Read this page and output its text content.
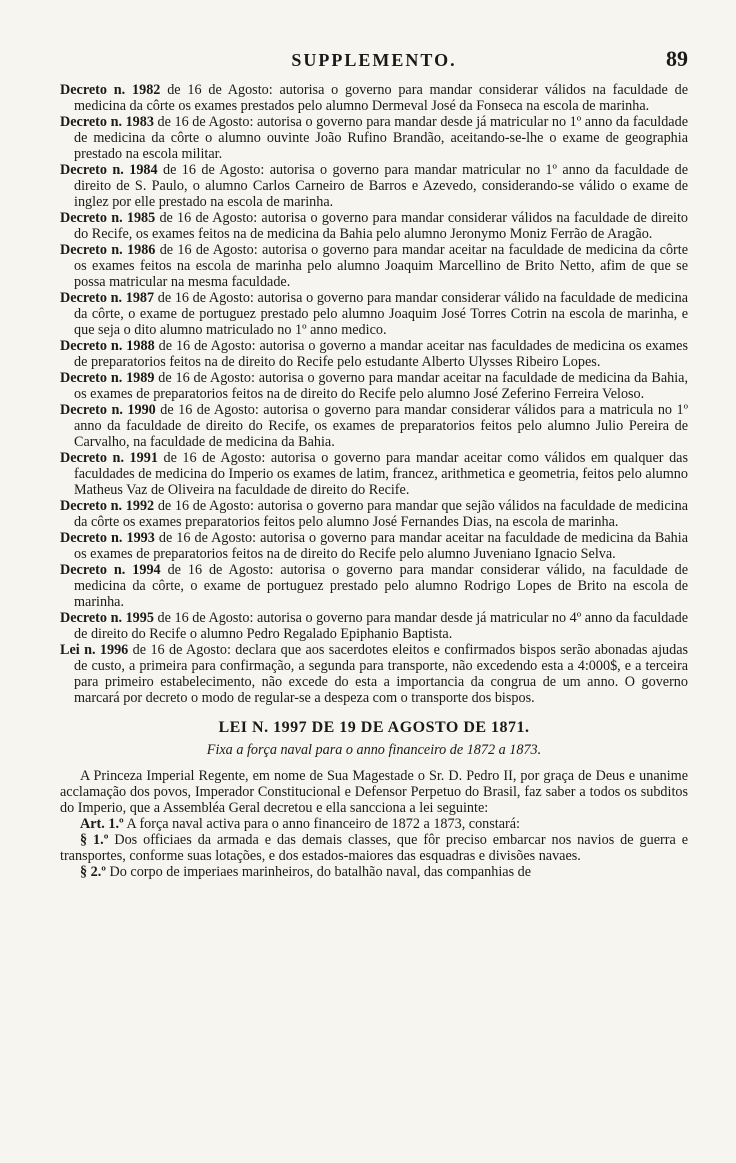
SUPPLEMENTO.	89

Decreto n. 1982 de 16 de Agosto: autorisa o governo para mandar considerar válidos na faculdade de medicina da côrte os exames prestados pelo alumno Dermeval José da Fonseca na escola de marinha.

Decreto n. 1983 de 16 de Agosto: autorisa o governo para mandar desde já matricular no 1º anno da faculdade de medicina da côrte o alumno ouvinte João Rufino Brandão, aceitando-se-lhe o exame de geographia prestado na escola militar.

Decreto n. 1984 de 16 de Agosto: autorisa o governo para mandar matricular no 1º anno da faculdade de direito de S. Paulo, o alumno Carlos Carneiro de Barros e Azevedo, considerando-se válido o exame de inglez por elle prestado na escola de marinha.

Decreto n. 1985 de 16 de Agosto: autorisa o governo para mandar considerar válidos na faculdade de direito do Recife, os exames feitos na de medicina da Bahia pelo alumno Jeronymo Moniz Ferrão de Aragão.

Decreto n. 1986 de 16 de Agosto: autorisa o governo para mandar aceitar na faculdade de medicina da côrte os exames feitos na escola de marinha pelo alumno Joaquim Marcellino de Brito Netto, afim de que se possa matricular na mesma faculdade.

Decreto n. 1987 de 16 de Agosto: autorisa o governo para mandar considerar válido na faculdade de medicina da côrte, o exame de portuguez prestado pelo alumno Joaquim José Torres Cotrin na escola de marinha, e que seja o dito alumno matriculado no 1º anno medico.

Decreto n. 1988 de 16 de Agosto: autorisa o governo a mandar aceitar nas faculdades de medicina os exames de preparatorios feitos na de direito do Recife pelo estudante Alberto Ulysses Ribeiro Lopes.

Decreto n. 1989 de 16 de Agosto: autorisa o governo para mandar aceitar na faculdade de medicina da Bahia, os exames de preparatorios feitos na de direito do Recife pelo alumno José Zeferino Ferreira Veloso.

Decreto n. 1990 de 16 de Agosto: autorisa o governo para mandar considerar válidos para a matricula no 1º anno da faculdade de direito do Recife, os exames de preparatorios feitos pelo alumno Julio Pereira de Carvalho, na faculdade de medicina da Bahia.

Decreto n. 1991 de 16 de Agosto: autorisa o governo para mandar aceitar como válidos em qualquer das faculdades de medicina do Imperio os exames de latim, francez, arithmetica e geometria, feitos pelo alumno Matheus Vaz de Oliveira na faculdade de direito do Recife.

Decreto n. 1992 de 16 de Agosto: autorisa o governo para mandar que sejão válidos na faculdade de medicina da côrte os exames preparatorios feitos pelo alumno José Fernandes Dias, na escola de marinha.

Decreto n. 1993 de 16 de Agosto: autorisa o governo para mandar aceitar na faculdade de medicina da Bahia os exames de preparatorios feitos na de direito do Recife pelo alumno Juveniano Ignacio Selva.

Decreto n. 1994 de 16 de Agosto: autorisa o governo para mandar considerar válido, na faculdade de medicina da côrte, o exame de portuguez prestado pelo alumno Rodrigo Lopes de Brito na escola de marinha.

Decreto n. 1995 de 16 de Agosto: autorisa o governo para mandar desde já matricular no 4º anno da faculdade de direito do Recife o alumno Pedro Regalado Epiphanio Baptista.

Lei n. 1996 de 16 de Agosto: declara que aos sacerdotes eleitos e confirmados bispos serão abonadas ajudas de custo, a primeira para confirmação, a segunda para transporte, não excedendo esta a 4:000$, e a terceira para primeiro estabelecimento, não excede do esta a importancia da congrua de um anno. O governo marcará por decreto o modo de regular-se a despeza com o transporte dos bispos.

LEI N. 1997 DE 19 DE AGOSTO DE 1871.
Fixa a força naval para o anno financeiro de 1872 a 1873.

A Princeza Imperial Regente, em nome de Sua Magestade o Sr. D. Pedro II, por graça de Deus e unanime acclamação dos povos, Imperador Constitucional e Defensor Perpetuo do Brasil, faz saber a todos os subditos do Imperio, que a Assembléa Geral decretou e ella sancciona a lei seguinte:

Art. 1.º A força naval activa para o anno financeiro de 1872 a 1873, constará:

§ 1.º Dos officiaes da armada e das demais classes, que fôr preciso embarcar nos navios de guerra e transportes, conforme suas lotações, e dos estados-maiores das esquadras e divisões navaes.

§ 2.º Do corpo de imperiaes marinheiros, do batalhão naval, das companhias de
